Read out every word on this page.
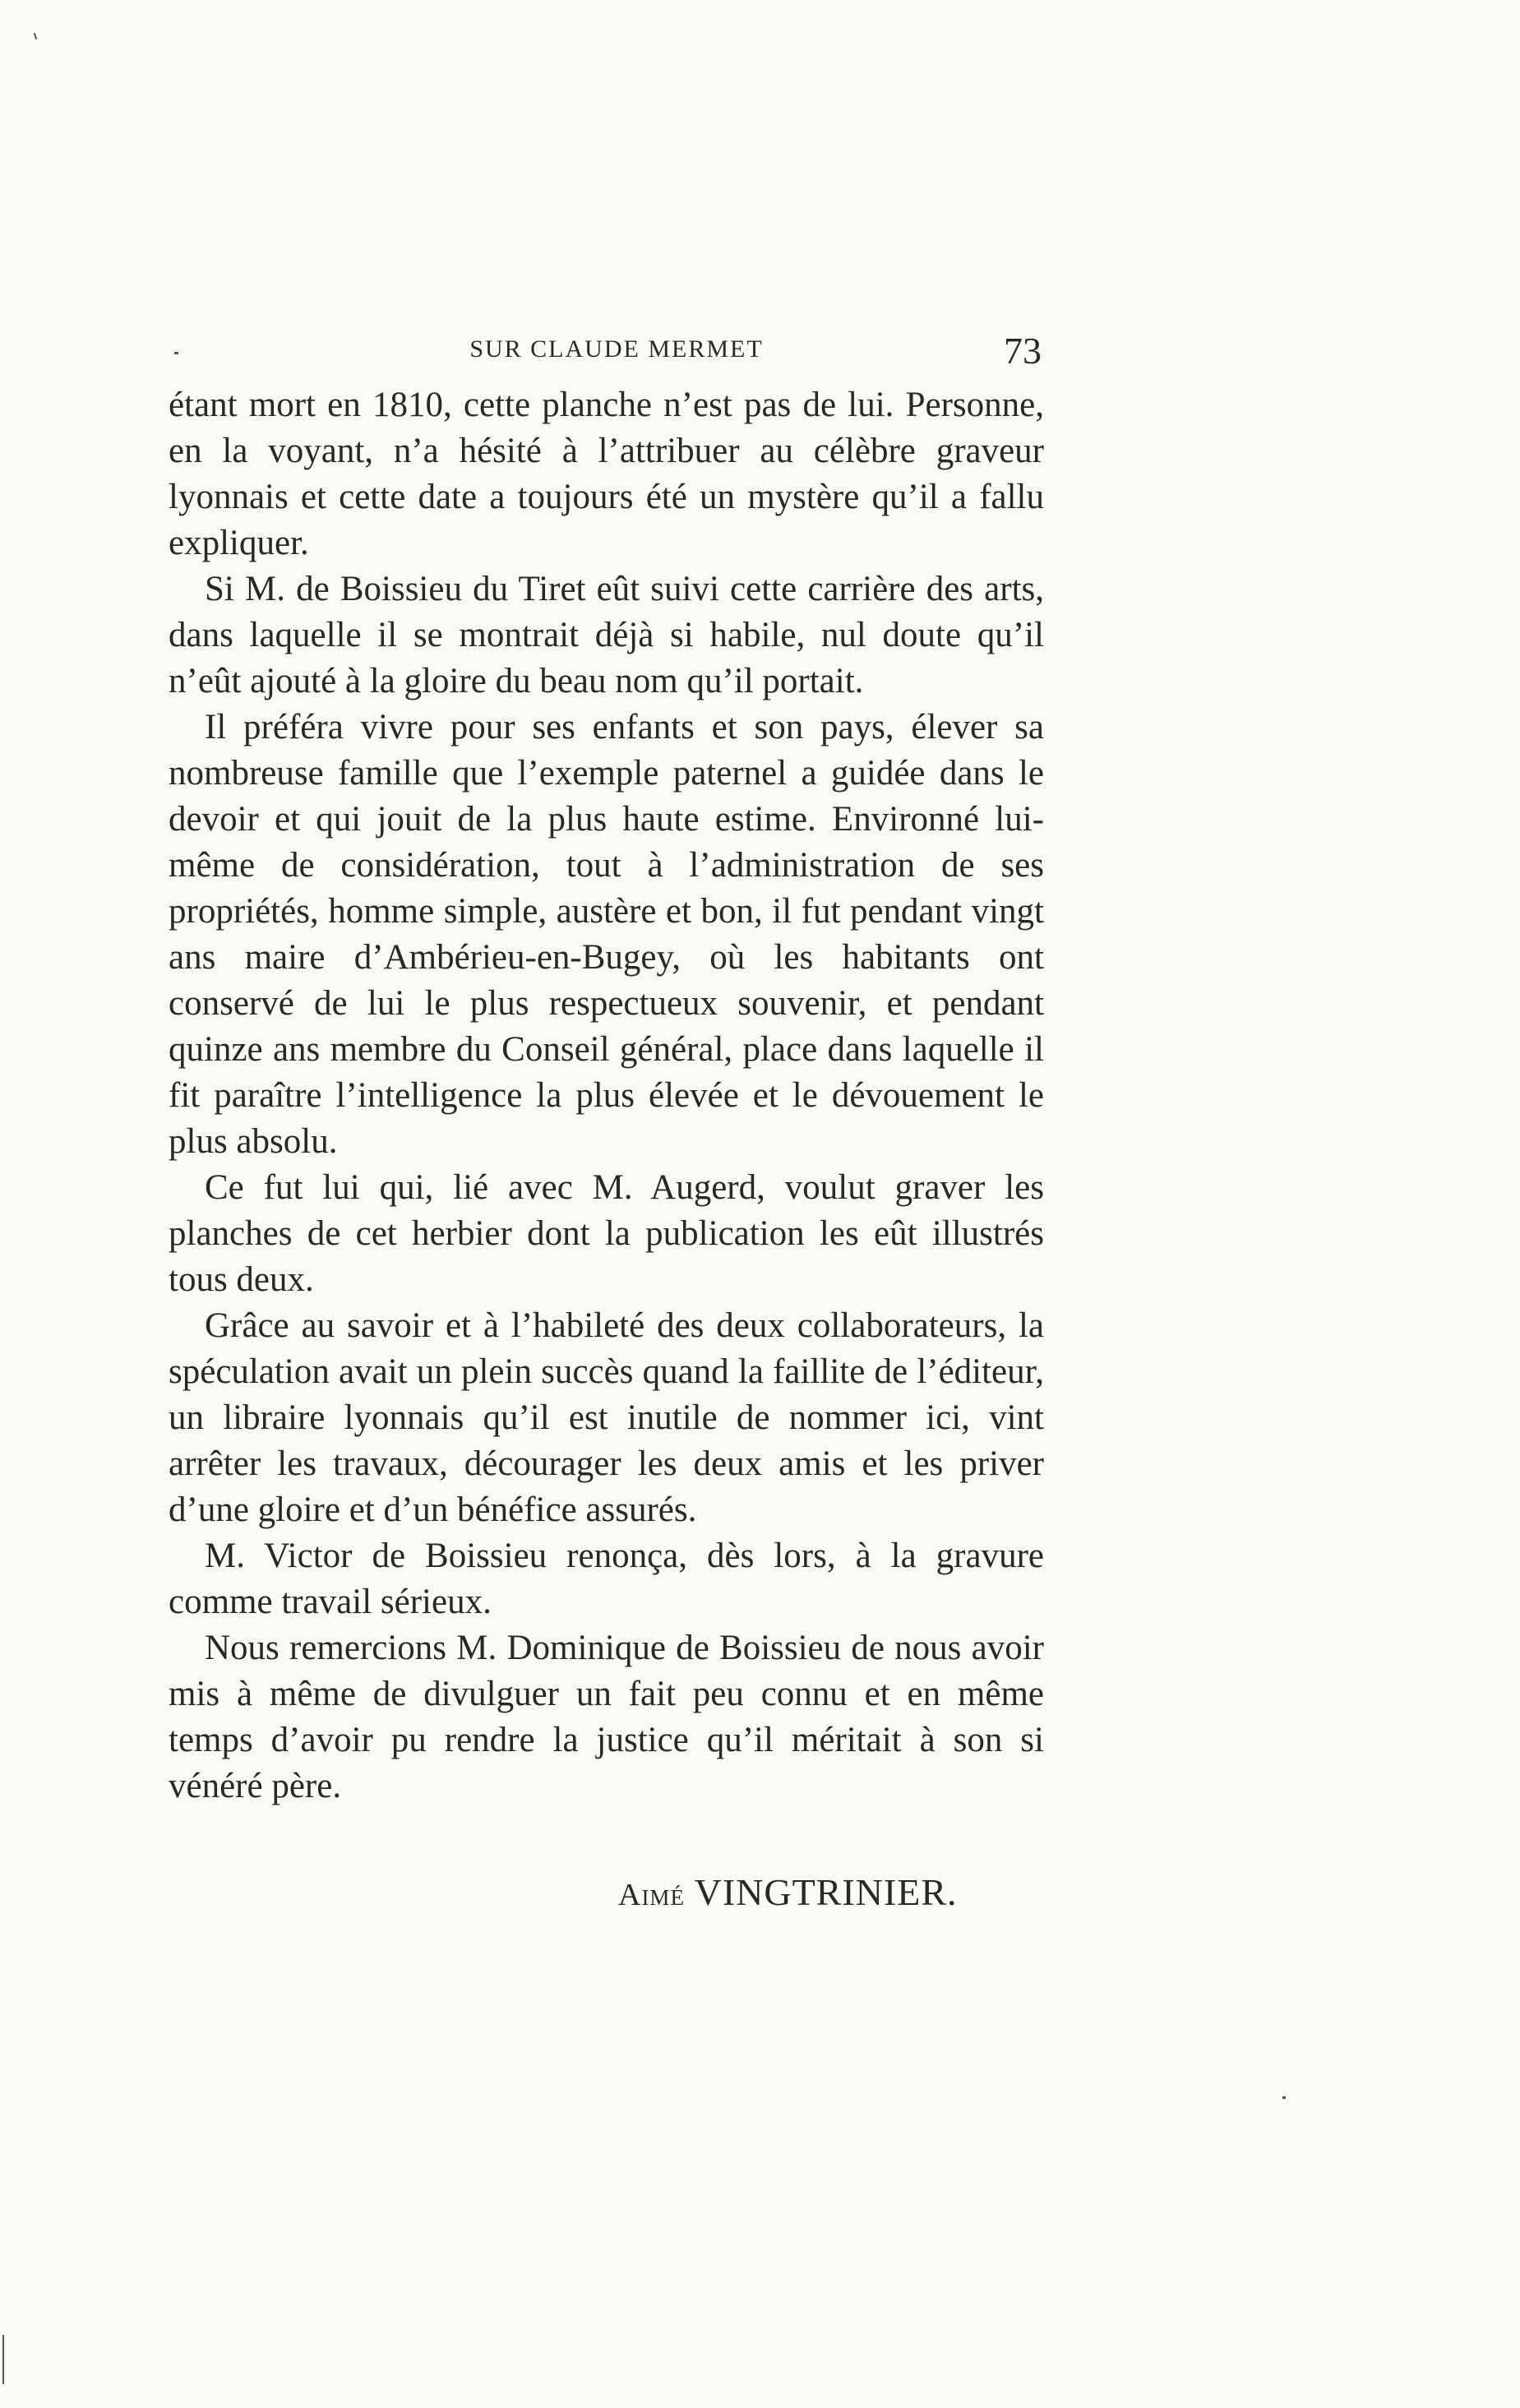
SUR CLAUDE MERMET	73

étant mort en 1810, cette planche n’est pas de lui. Personne, en la voyant, n’a hésité à l’attribuer au célèbre graveur lyonnais et cette date a toujours été un mystère qu’il a fallu expliquer.

Si M. de Boissieu du Tiret eût suivi cette carrière des arts, dans laquelle il se montrait déjà si habile, nul doute qu’il n’eût ajouté à la gloire du beau nom qu’il portait.

Il préféra vivre pour ses enfants et son pays, élever sa nombreuse famille que l’exemple paternel a guidée dans le devoir et qui jouit de la plus haute estime. Environné lui-même de considération, tout à l’administration de ses propriétés, homme simple, austère et bon, il fut pendant vingt ans maire d’Ambérieu-en-Bugey, où les habitants ont conservé de lui le plus respectueux souvenir, et pendant quinze ans membre du Conseil général, place dans laquelle il fit paraître l’intelligence la plus élevée et le dévouement le plus absolu.

Ce fut lui qui, lié avec M. Augerd, voulut graver les planches de cet herbier dont la publication les eût illustrés tous deux.

Grâce au savoir et à l’habileté des deux collaborateurs, la spéculation avait un plein succès quand la faillite de l’éditeur, un libraire lyonnais qu’il est inutile de nommer ici, vint arrêter les travaux, décourager les deux amis et les priver d’une gloire et d’un bénéfice assurés.

M. Victor de Boissieu renonça, dès lors, à la gravure comme travail sérieux.

Nous remercions M. Dominique de Boissieu de nous avoir mis à même de divulguer un fait peu connu et en même temps d’avoir pu rendre la justice qu’il méritait à son si vénéré père.

Aimé VINGTRINIER.
